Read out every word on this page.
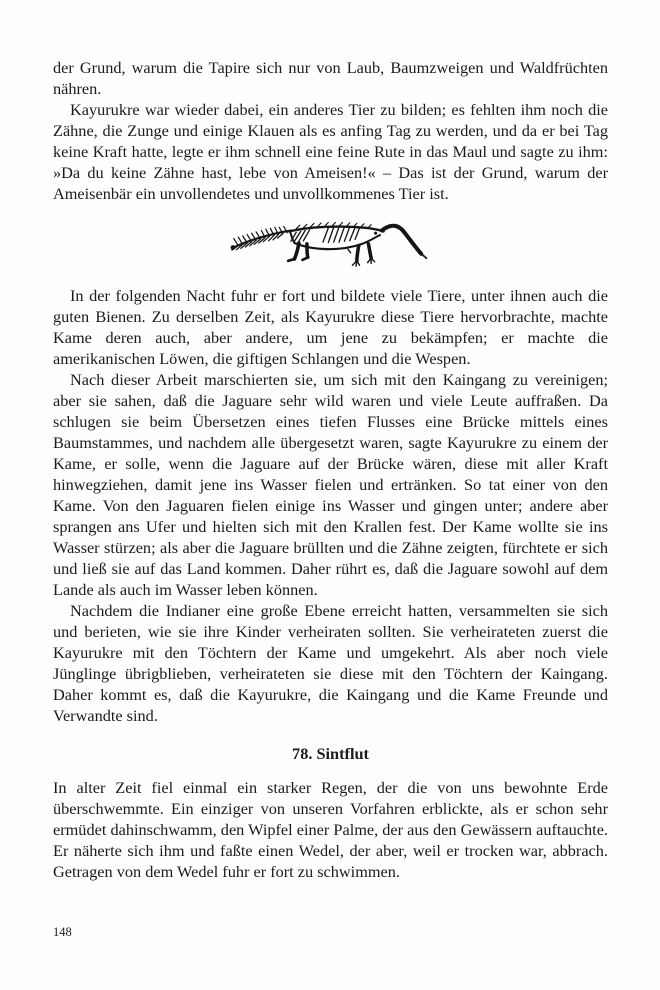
der Grund, warum die Tapire sich nur von Laub, Baumzweigen und Waldfrüchten nähren.

Kayurukre war wieder dabei, ein anderes Tier zu bilden; es fehlten ihm noch die Zähne, die Zunge und einige Klauen als es anfing Tag zu werden, und da er bei Tag keine Kraft hatte, legte er ihm schnell eine feine Rute in das Maul und sagte zu ihm: »Da du keine Zähne hast, lebe von Ameisen!« – Das ist der Grund, warum der Ameisenbär ein unvollendetes und unvollkommenes Tier ist.

In der folgenden Nacht fuhr er fort und bildete viele Tiere, unter ihnen auch die guten Bienen. Zu derselben Zeit, als Kayurukre diese Tiere hervorbrachte, machte Kame deren auch, aber andere, um jene zu bekämpfen; er machte die amerikanischen Löwen, die giftigen Schlangen und die Wespen.

Nach dieser Arbeit marschierten sie, um sich mit den Kaingang zu vereinigen; aber sie sahen, daß die Jaguare sehr wild waren und viele Leute auffraßen. Da schlugen sie beim Übersetzen eines tiefen Flusses eine Brücke mittels eines Baumstammes, und nachdem alle übergesetzt waren, sagte Kayurukre zu einem der Kame, er solle, wenn die Jaguare auf der Brücke wären, diese mit aller Kraft hinwegziehen, damit jene ins Wasser fielen und ertränken. So tat einer von den Kame. Von den Jaguaren fielen einige ins Wasser und gingen unter; andere aber sprangen ans Ufer und hielten sich mit den Krallen fest. Der Kame wollte sie ins Wasser stürzen; als aber die Jaguare brüllten und die Zähne zeigten, fürchtete er sich und ließ sie auf das Land kommen. Daher rührt es, daß die Jaguare sowohl auf dem Lande als auch im Wasser leben können.

Nachdem die Indianer eine große Ebene erreicht hatten, versammelten sie sich und berieten, wie sie ihre Kinder verheiraten sollten. Sie verheirateten zuerst die Kayurukre mit den Töchtern der Kame und umgekehrt. Als aber noch viele Jünglinge übrigblieben, verheirateten sie diese mit den Töchtern der Kaingang. Daher kommt es, daß die Kayurukre, die Kaingang und die Kame Freunde und Verwandte sind.

78. Sintflut

In alter Zeit fiel einmal ein starker Regen, der die von uns bewohnte Erde überschwemmte. Ein einziger von unseren Vorfahren erblickte, als er schon sehr ermüdet dahinschwamm, den Wipfel einer Palme, der aus den Gewässern auftauchte. Er näherte sich ihm und faßte einen Wedel, der aber, weil er trocken war, abbrach. Getragen von dem Wedel fuhr er fort zu schwimmen.

148
